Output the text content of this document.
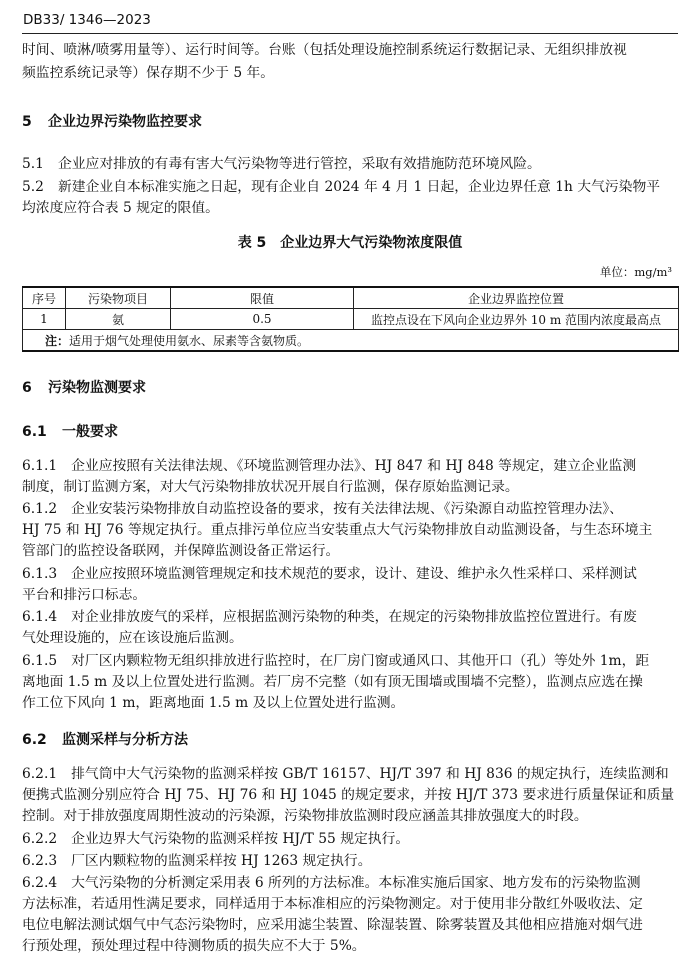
DB33/ 1346—2023
时间、喷淋/喷雾用量等）、运行时间等。台账（包括处理设施控制系统运行数据记录、无组织排放视
频监控系统记录等）保存期不少于 5 年。
5 企业边界污染物监控要求
5.1 企业应对排放的有毒有害大气污染物等进行管控，采取有效措施防范环境风险。
5.2 新建企业自本标准实施之日起，现有企业自 2024 年 4 月 1 日起，企业边界任意 1h 大气污染物平
均浓度应符合表 5 规定的限值。
表 5　企业边界大气污染物浓度限值
单位：mg/m³
序号	污染物项目	限值	企业边界监控位置
1	氨	0.5	监控点设在下风向企业边界外 10 m 范围内浓度最高点
注：适用于烟气处理使用氨水、尿素等含氨物质。			
6 污染物监测要求
6.1 一般要求
6.1.1 企业应按照有关法律法规、《环境监测管理办法》、HJ 847 和 HJ 848 等规定，建立企业监测
制度，制订监测方案，对大气污染物排放状况开展自行监测，保存原始监测记录。
6.1.2 企业安装污染物排放自动监控设备的要求，按有关法律法规、《污染源自动监控管理办法》、
HJ 75 和 HJ 76 等规定执行。重点排污单位应当安装重点大气污染物排放自动监测设备，与生态环境主
管部门的监控设备联网，并保障监测设备正常运行。
6.1.3 企业应按照环境监测管理规定和技术规范的要求，设计、建设、维护永久性采样口、采样测试
平台和排污口标志。
6.1.4 对企业排放废气的采样，应根据监测污染物的种类，在规定的污染物排放监控位置进行。有废
气处理设施的，应在该设施后监测。
6.1.5 对厂区内颗粒物无组织排放进行监控时，在厂房门窗或通风口、其他开口（孔）等处外 1m，距
离地面 1.5 m 及以上位置处进行监测。若厂房不完整（如有顶无围墙或围墙不完整），监测点应选在操
作工位下风向 1 m，距离地面 1.5 m 及以上位置处进行监测。
6.2 监测采样与分析方法
6.2.1 排气筒中大气污染物的监测采样按 GB/T 16157、HJ/T 397 和 HJ 836 的规定执行，连续监测和
便携式监测分别应符合 HJ 75、HJ 76 和 HJ 1045 的规定要求，并按 HJ/T 373 要求进行质量保证和质量
控制。对于排放强度周期性波动的污染源，污染物排放监测时段应涵盖其排放强度大的时段。
6.2.2 企业边界大气污染物的监测采样按 HJ/T 55 规定执行。
6.2.3 厂区内颗粒物的监测采样按 HJ 1263 规定执行。
6.2.4 大气污染物的分析测定采用表 6 所列的方法标准。本标准实施后国家、地方发布的污染物监测
方法标准，若适用性满足要求，同样适用于本标准相应的污染物测定。对于使用非分散红外吸收法、定
电位电解法测试烟气中气态污染物时，应采用滤尘装置、除湿装置、除雾装置及其他相应措施对烟气进
行预处理，预处理过程中待测物质的损失应不大于 5%。
